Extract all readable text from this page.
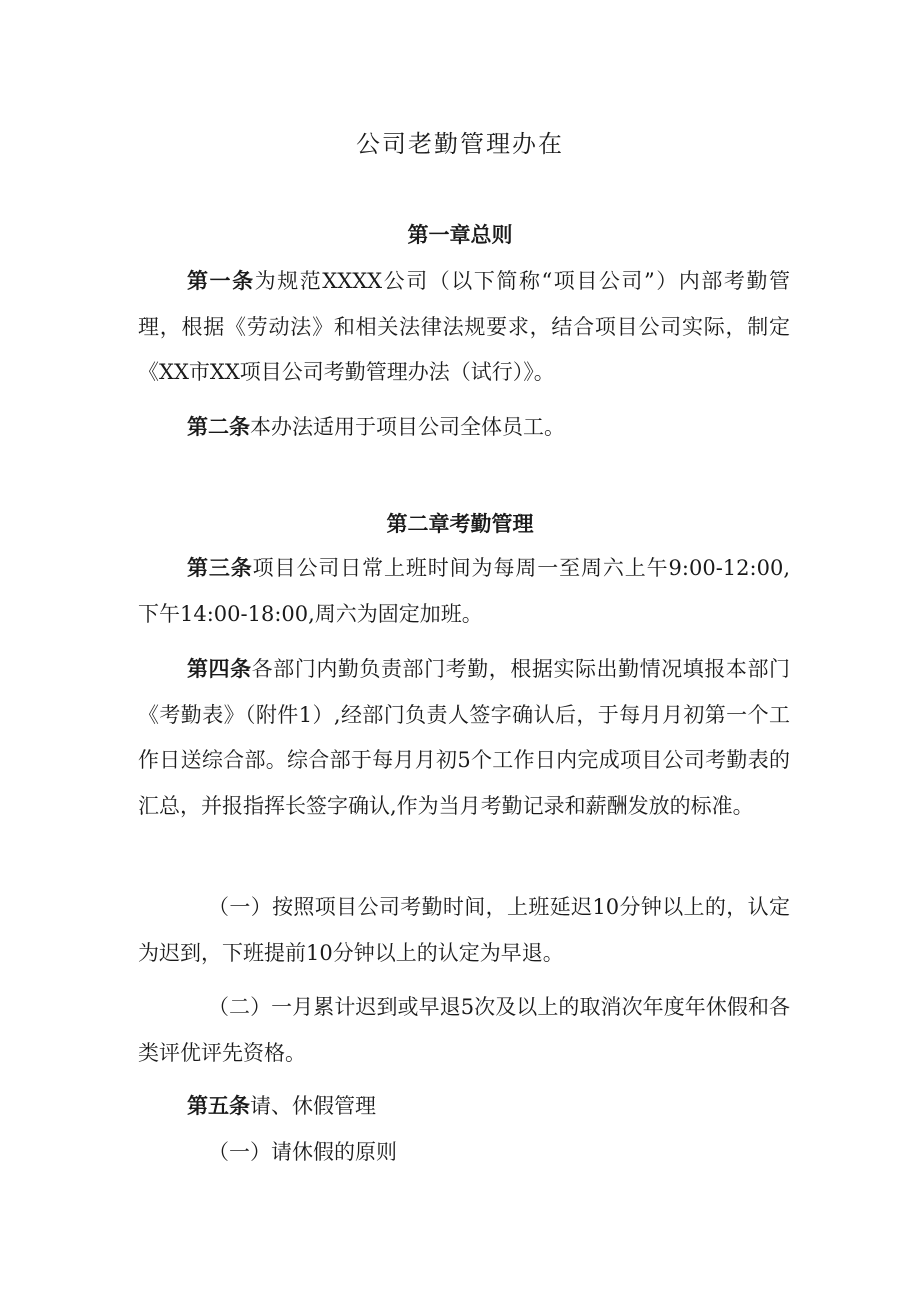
公司老勤管理办在
第一章总则

第一条为规范XXXX公司（以下简称“项目公司”）内部考勤管理，根据《劳动法》和相关法律法规要求，结合项目公司实际，制定《XX市XX项目公司考勤管理办法（试行）》。

第二条本办法适用于项目公司全体员工。

第二章考勤管理

第三条项目公司日常上班时间为每周一至周六上午9:00-12:00,下午14:00-18:00,周六为固定加班。

第四条各部门内勤负责部门考勤，根据实际出勤情况填报本部门《考勤表》（附件1）,经部门负责人签字确认后，于每月月初第一个工作日送综合部。综合部于每月月初5个工作日内完成项目公司考勤表的汇总，并报指挥长签字确认,作为当月考勤记录和薪酬发放的标准。

（一）按照项目公司考勤时间，上班延迟10分钟以上的，认定为迟到，下班提前10分钟以上的认定为早退。

（二）一月累计迟到或早退5次及以上的取消次年度年休假和各类评优评先资格。

第五条请、休假管理

（一）请休假的原则
